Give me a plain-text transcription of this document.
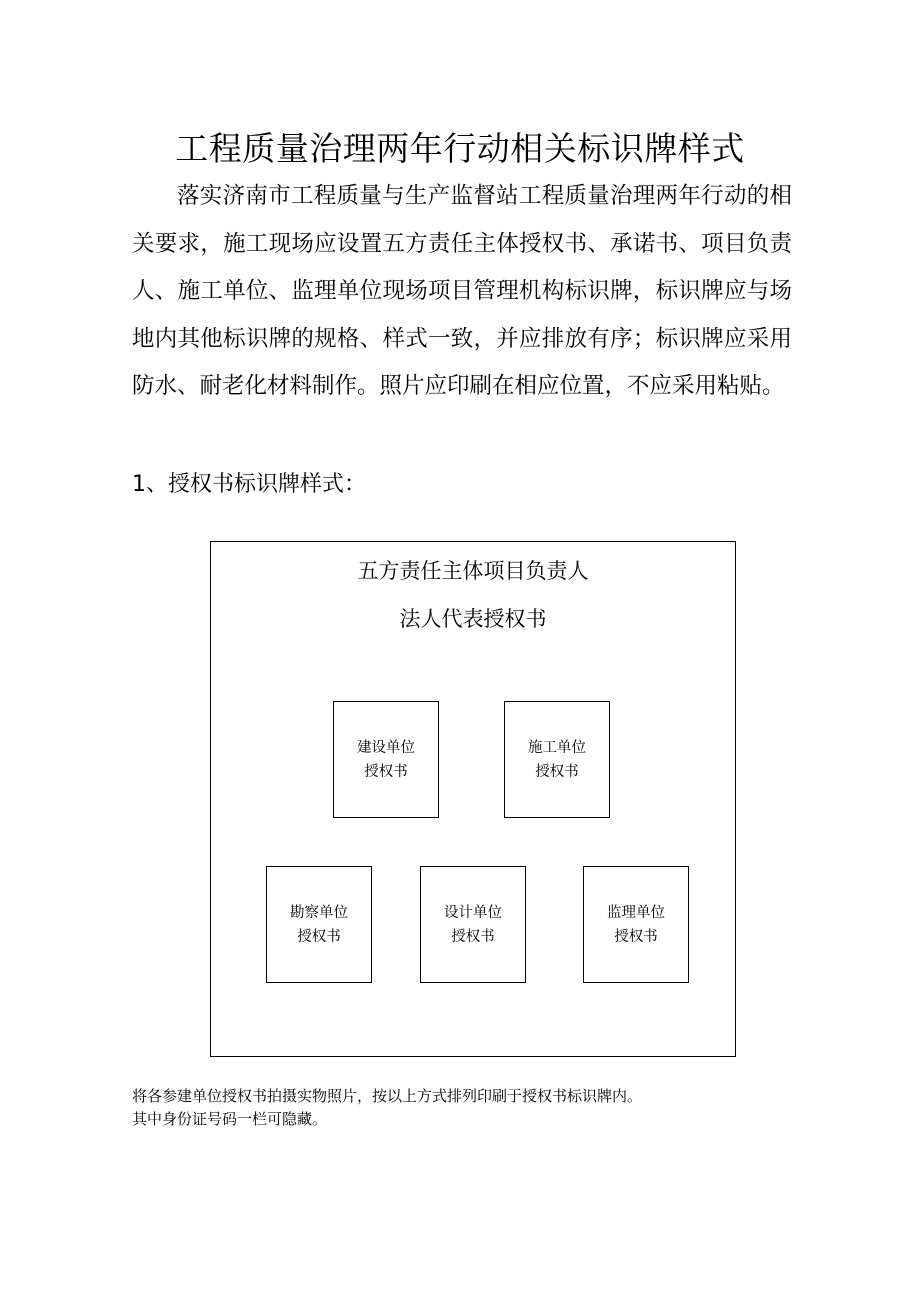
工程质量治理两年行动相关标识牌样式
落实济南市工程质量与生产监督站工程质量治理两年行动的相关要求，施工现场应设置五方责任主体授权书、承诺书、项目负责人、施工单位、监理单位现场项目管理机构标识牌，标识牌应与场地内其他标识牌的规格、样式一致，并应排放有序；标识牌应采用防水、耐老化材料制作。照片应印刷在相应位置，不应采用粘贴。
1、授权书标识牌样式：
五方责任主体项目负责人
法人代表授权书
建设单位
授权书
施工单位
授权书
勘察单位
授权书
设计单位
授权书
监理单位
授权书
将各参建单位授权书拍摄实物照片，按以上方式排列印刷于授权书标识牌内。
其中身份证号码一栏可隐藏。
